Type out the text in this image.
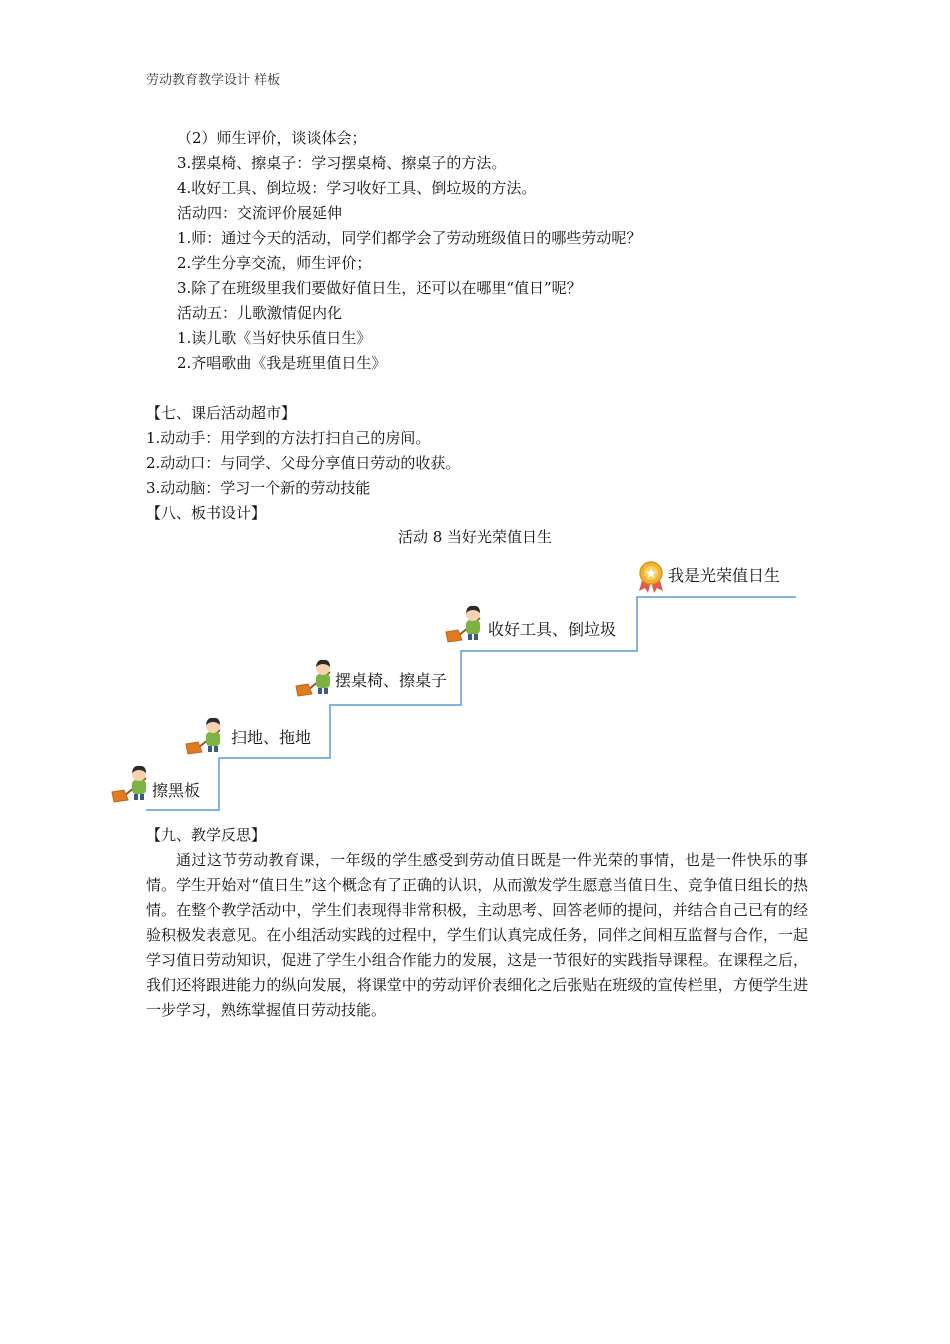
劳动教育教学设计 样板
（2）师生评价，谈谈体会；
3.摆桌椅、擦桌子：学习摆桌椅、擦桌子的方法。
4.收好工具、倒垃圾：学习收好工具、倒垃圾的方法。
活动四：交流评价展延伸
1.师：通过今天的活动，同学们都学会了劳动班级值日的哪些劳动呢？
2.学生分享交流，师生评价；
3.除了在班级里我们要做好值日生，还可以在哪里“值日”呢？
活动五：儿歌激情促内化
1.读儿歌《当好快乐值日生》
2.齐唱歌曲《我是班里值日生》
【七、课后活动超市】
1.动动手：用学到的方法打扫自己的房间。
2.动动口：与同学、父母分享值日劳动的收获。
3.动动脑：学习一个新的劳动技能
【八、板书设计】
活动 8 当好光荣值日生
擦黑板
扫地、拖地
摆桌椅、擦桌子
收好工具、倒垃圾
我是光荣值日生
【九、教学反思】
通过这节劳动教育课，一年级的学生感受到劳动值日既是一件光荣的事情，也是一件快乐的事情。学生开始对“值日生”这个概念有了正确的认识，从而激发学生愿意当值日生、竞争值日组长的热情。在整个教学活动中，学生们表现得非常积极，主动思考、回答老师的提问，并结合自己已有的经验积极发表意见。在小组活动实践的过程中，学生们认真完成任务，同伴之间相互监督与合作，一起学习值日劳动知识，促进了学生小组合作能力的发展，这是一节很好的实践指导课程。在课程之后，我们还将跟进能力的纵向发展，将课堂中的劳动评价表细化之后张贴在班级的宣传栏里，方便学生进一步学习，熟练掌握值日劳动技能。
